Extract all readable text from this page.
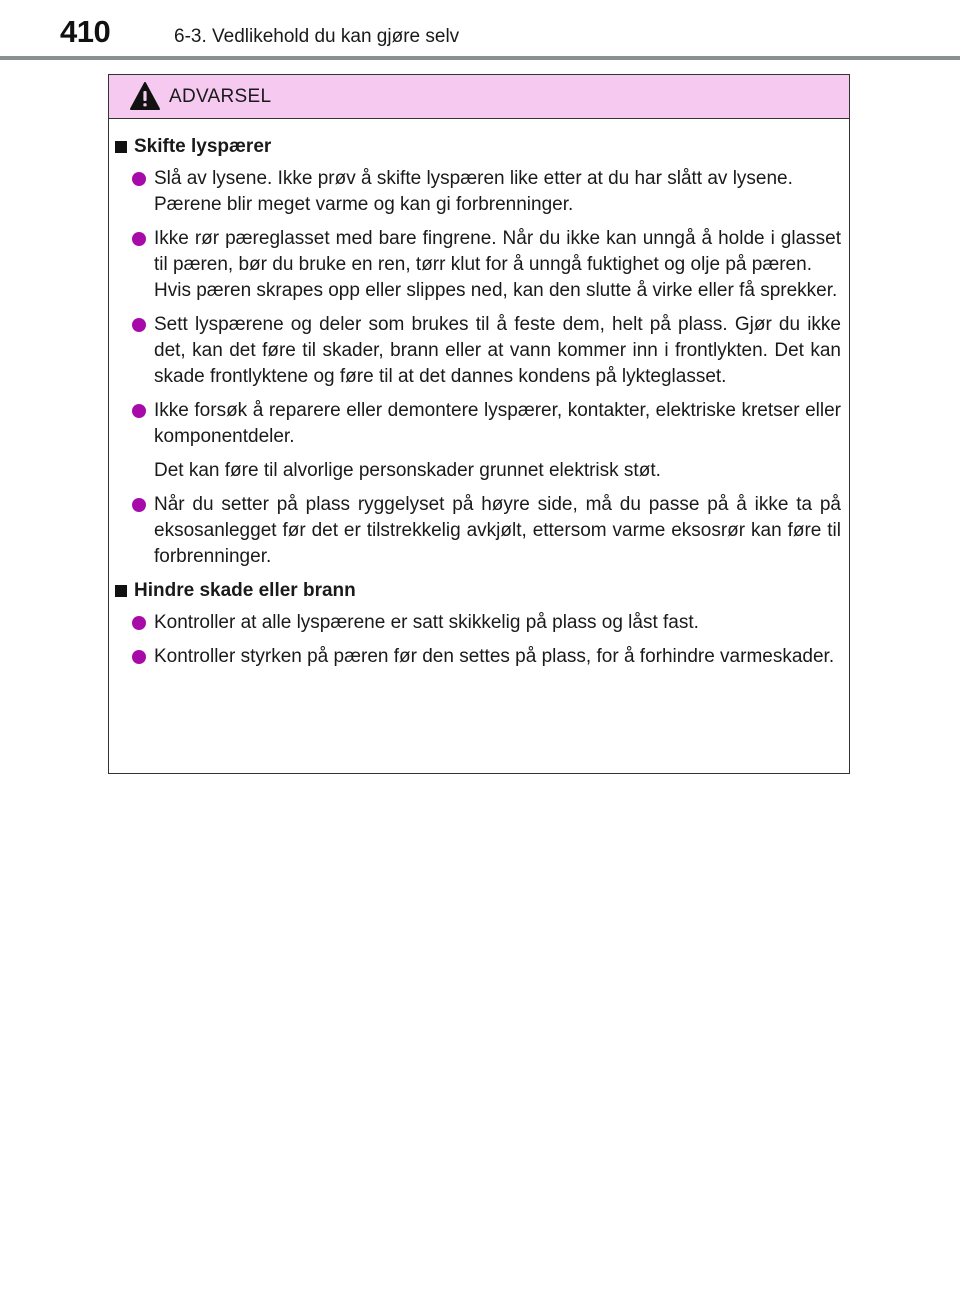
410	6-3. Vedlikehold du kan gjøre selv
ADVARSEL
Skifte lyspærer

Slå av lysene. Ikke prøv å skifte lyspæren like etter at du har slått av lysene.

Pærene blir meget varme og kan gi forbrenninger.

Ikke rør pæreglasset med bare fingrene. Når du ikke kan unngå å holde i glasset til pæren, bør du bruke en ren, tørr klut for å unngå fuktighet og olje på pæren.

Hvis pæren skrapes opp eller slippes ned, kan den slutte å virke eller få sprekker.

Sett lyspærene og deler som brukes til å feste dem, helt på plass. Gjør du ikke det, kan det føre til skader, brann eller at vann kommer inn i frontlykten. Det kan skade frontlyktene og føre til at det dannes kondens på lykteglasset.

Ikke forsøk å reparere eller demontere lyspærer, kontakter, elektriske kretser eller komponentdeler.

Det kan føre til alvorlige personskader grunnet elektrisk støt.

Når du setter på plass ryggelyset på høyre side, må du passe på å ikke ta på eksosanlegget før det er tilstrekkelig avkjølt, ettersom varme eksosrør kan føre til forbrenninger.

Hindre skade eller brann

Kontroller at alle lyspærene er satt skikkelig på plass og låst fast.

Kontroller styrken på pæren før den settes på plass, for å forhindre varmeskader.
